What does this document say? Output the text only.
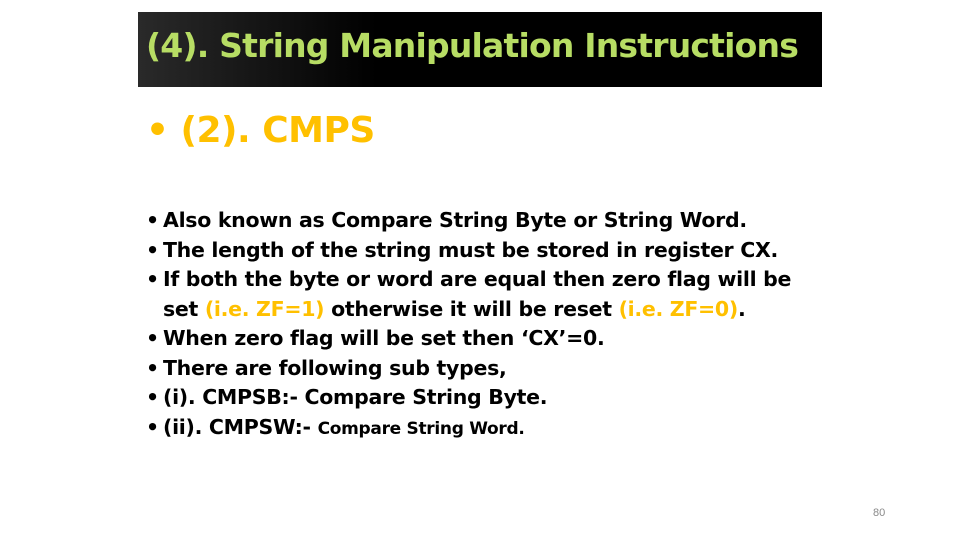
(4). String Manipulation Instructions
• (2). CMPS
• Also known as Compare String Byte or String Word.
• The length of the string must be stored in register CX.
• If both the byte or word are equal then zero flag will be
set (i.e. ZF=1) otherwise it will be reset (i.e. ZF=0).
• When zero flag will be set then ‘CX’=0.
• There are following sub types,
• (i). CMPSB:- Compare String Byte.
• (ii). CMPSW:- Compare String Word.
80
